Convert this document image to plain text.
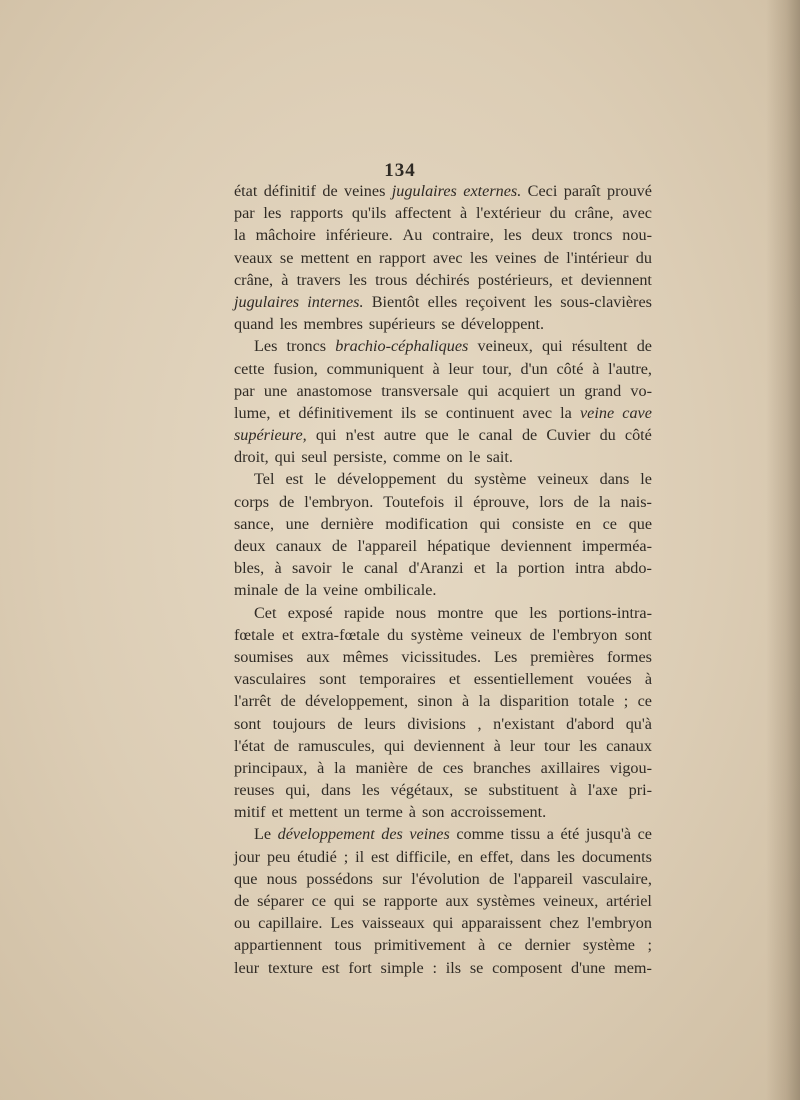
134
état définitif de veines jugulaires externes. Ceci paraît prouvé
par les rapports qu'ils affectent à l'extérieur du crâne, avec
la mâchoire inférieure. Au contraire, les deux troncs nou-
veaux se mettent en rapport avec les veines de l'intérieur du
crâne, à travers les trous déchirés postérieurs, et deviennent
jugulaires internes. Bientôt elles reçoivent les sous-clavières
quand les membres supérieurs se développent.
Les troncs brachio-céphaliques veineux, qui résultent de
cette fusion, communiquent à leur tour, d'un côté à l'autre,
par une anastomose transversale qui acquiert un grand vo-
lume, et définitivement ils se continuent avec la veine cave
supérieure, qui n'est autre que le canal de Cuvier du côté
droit, qui seul persiste, comme on le sait.
Tel est le développement du système veineux dans le
corps de l'embryon. Toutefois il éprouve, lors de la nais-
sance, une dernière modification qui consiste en ce que
deux canaux de l'appareil hépatique deviennent imperméa-
bles, à savoir le canal d'Aranzi et la portion intra abdo-
minale de la veine ombilicale.
Cet exposé rapide nous montre que les portions-intra-
fœtale et extra-fœtale du système veineux de l'embryon sont
soumises aux mêmes vicissitudes. Les premières formes
vasculaires sont temporaires et essentiellement vouées à
l'arrêt de développement, sinon à la disparition totale ; ce
sont toujours de leurs divisions , n'existant d'abord qu'à
l'état de ramuscules, qui deviennent à leur tour les canaux
principaux, à la manière de ces branches axillaires vigou-
reuses qui, dans les végétaux, se substituent à l'axe pri-
mitif et mettent un terme à son accroissement.
Le développement des veines comme tissu a été jusqu'à ce
jour peu étudié ; il est difficile, en effet, dans les documents
que nous possédons sur l'évolution de l'appareil vasculaire,
de séparer ce qui se rapporte aux systèmes veineux, artériel
ou capillaire. Les vaisseaux qui apparaissent chez l'embryon
appartiennent tous primitivement à ce dernier système ;
leur texture est fort simple : ils se composent d'une mem-
